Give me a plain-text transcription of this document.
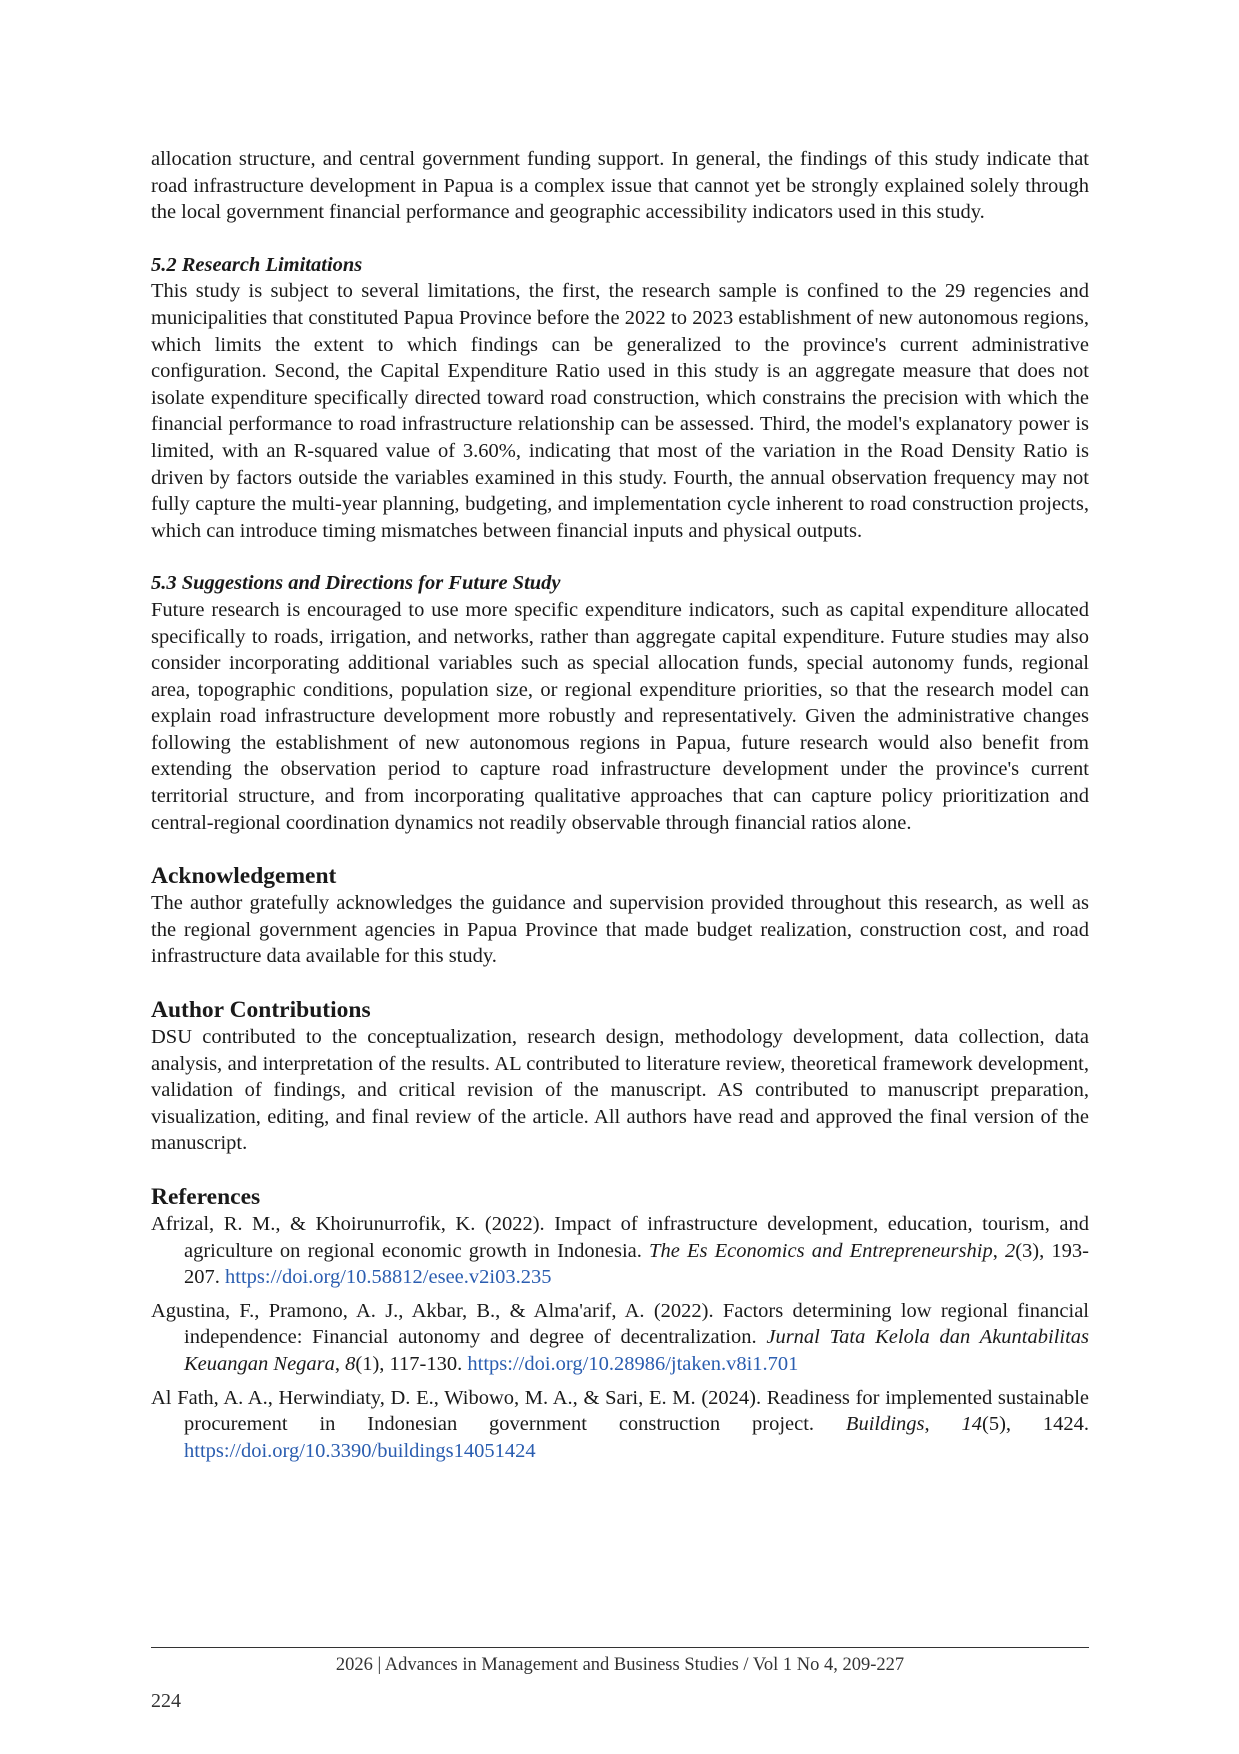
allocation structure, and central government funding support. In general, the findings of this study indicate that road infrastructure development in Papua is a complex issue that cannot yet be strongly explained solely through the local government financial performance and geographic accessibility indicators used in this study.

5.2 Research Limitations

This study is subject to several limitations, the first, the research sample is confined to the 29 regencies and municipalities that constituted Papua Province before the 2022 to 2023 establishment of new autonomous regions, which limits the extent to which findings can be generalized to the province's current administrative configuration. Second, the Capital Expenditure Ratio used in this study is an aggregate measure that does not isolate expenditure specifically directed toward road construction, which constrains the precision with which the financial performance to road infrastructure relationship can be assessed. Third, the model's explanatory power is limited, with an R-squared value of 3.60%, indicating that most of the variation in the Road Density Ratio is driven by factors outside the variables examined in this study. Fourth, the annual observation frequency may not fully capture the multi-year planning, budgeting, and implementation cycle inherent to road construction projects, which can introduce timing mismatches between financial inputs and physical outputs.

5.3 Suggestions and Directions for Future Study

Future research is encouraged to use more specific expenditure indicators, such as capital expenditure allocated specifically to roads, irrigation, and networks, rather than aggregate capital expenditure. Future studies may also consider incorporating additional variables such as special allocation funds, special autonomy funds, regional area, topographic conditions, population size, or regional expenditure priorities, so that the research model can explain road infrastructure development more robustly and representatively. Given the administrative changes following the establishment of new autonomous regions in Papua, future research would also benefit from extending the observation period to capture road infrastructure development under the province's current territorial structure, and from incorporating qualitative approaches that can capture policy prioritization and central-regional coordination dynamics not readily observable through financial ratios alone.

Acknowledgement

The author gratefully acknowledges the guidance and supervision provided throughout this research, as well as the regional government agencies in Papua Province that made budget realization, construction cost, and road infrastructure data available for this study.

Author Contributions

DSU contributed to the conceptualization, research design, methodology development, data collection, data analysis, and interpretation of the results. AL contributed to literature review, theoretical framework development, validation of findings, and critical revision of the manuscript. AS contributed to manuscript preparation, visualization, editing, and final review of the article. All authors have read and approved the final version of the manuscript.

References
Afrizal, R. M., & Khoirunurrofik, K. (2022). Impact of infrastructure development, education, tourism, and agriculture on regional economic growth in Indonesia. The Es Economics and Entrepreneurship, 2(3), 193-207. https://doi.org/10.58812/esee.v2i03.235
Agustina, F., Pramono, A. J., Akbar, B., & Alma'arif, A. (2022). Factors determining low regional financial independence: Financial autonomy and degree of decentralization. Jurnal Tata Kelola dan Akuntabilitas Keuangan Negara, 8(1), 117-130. https://doi.org/10.28986/jtaken.v8i1.701
Al Fath, A. A., Herwindiaty, D. E., Wibowo, M. A., & Sari, E. M. (2024). Readiness for implemented sustainable procurement in Indonesian government construction project. Buildings, 14(5), 1424. https://doi.org/10.3390/buildings14051424
2026 | Advances in Management and Business Studies / Vol 1 No 4, 209-227
224
